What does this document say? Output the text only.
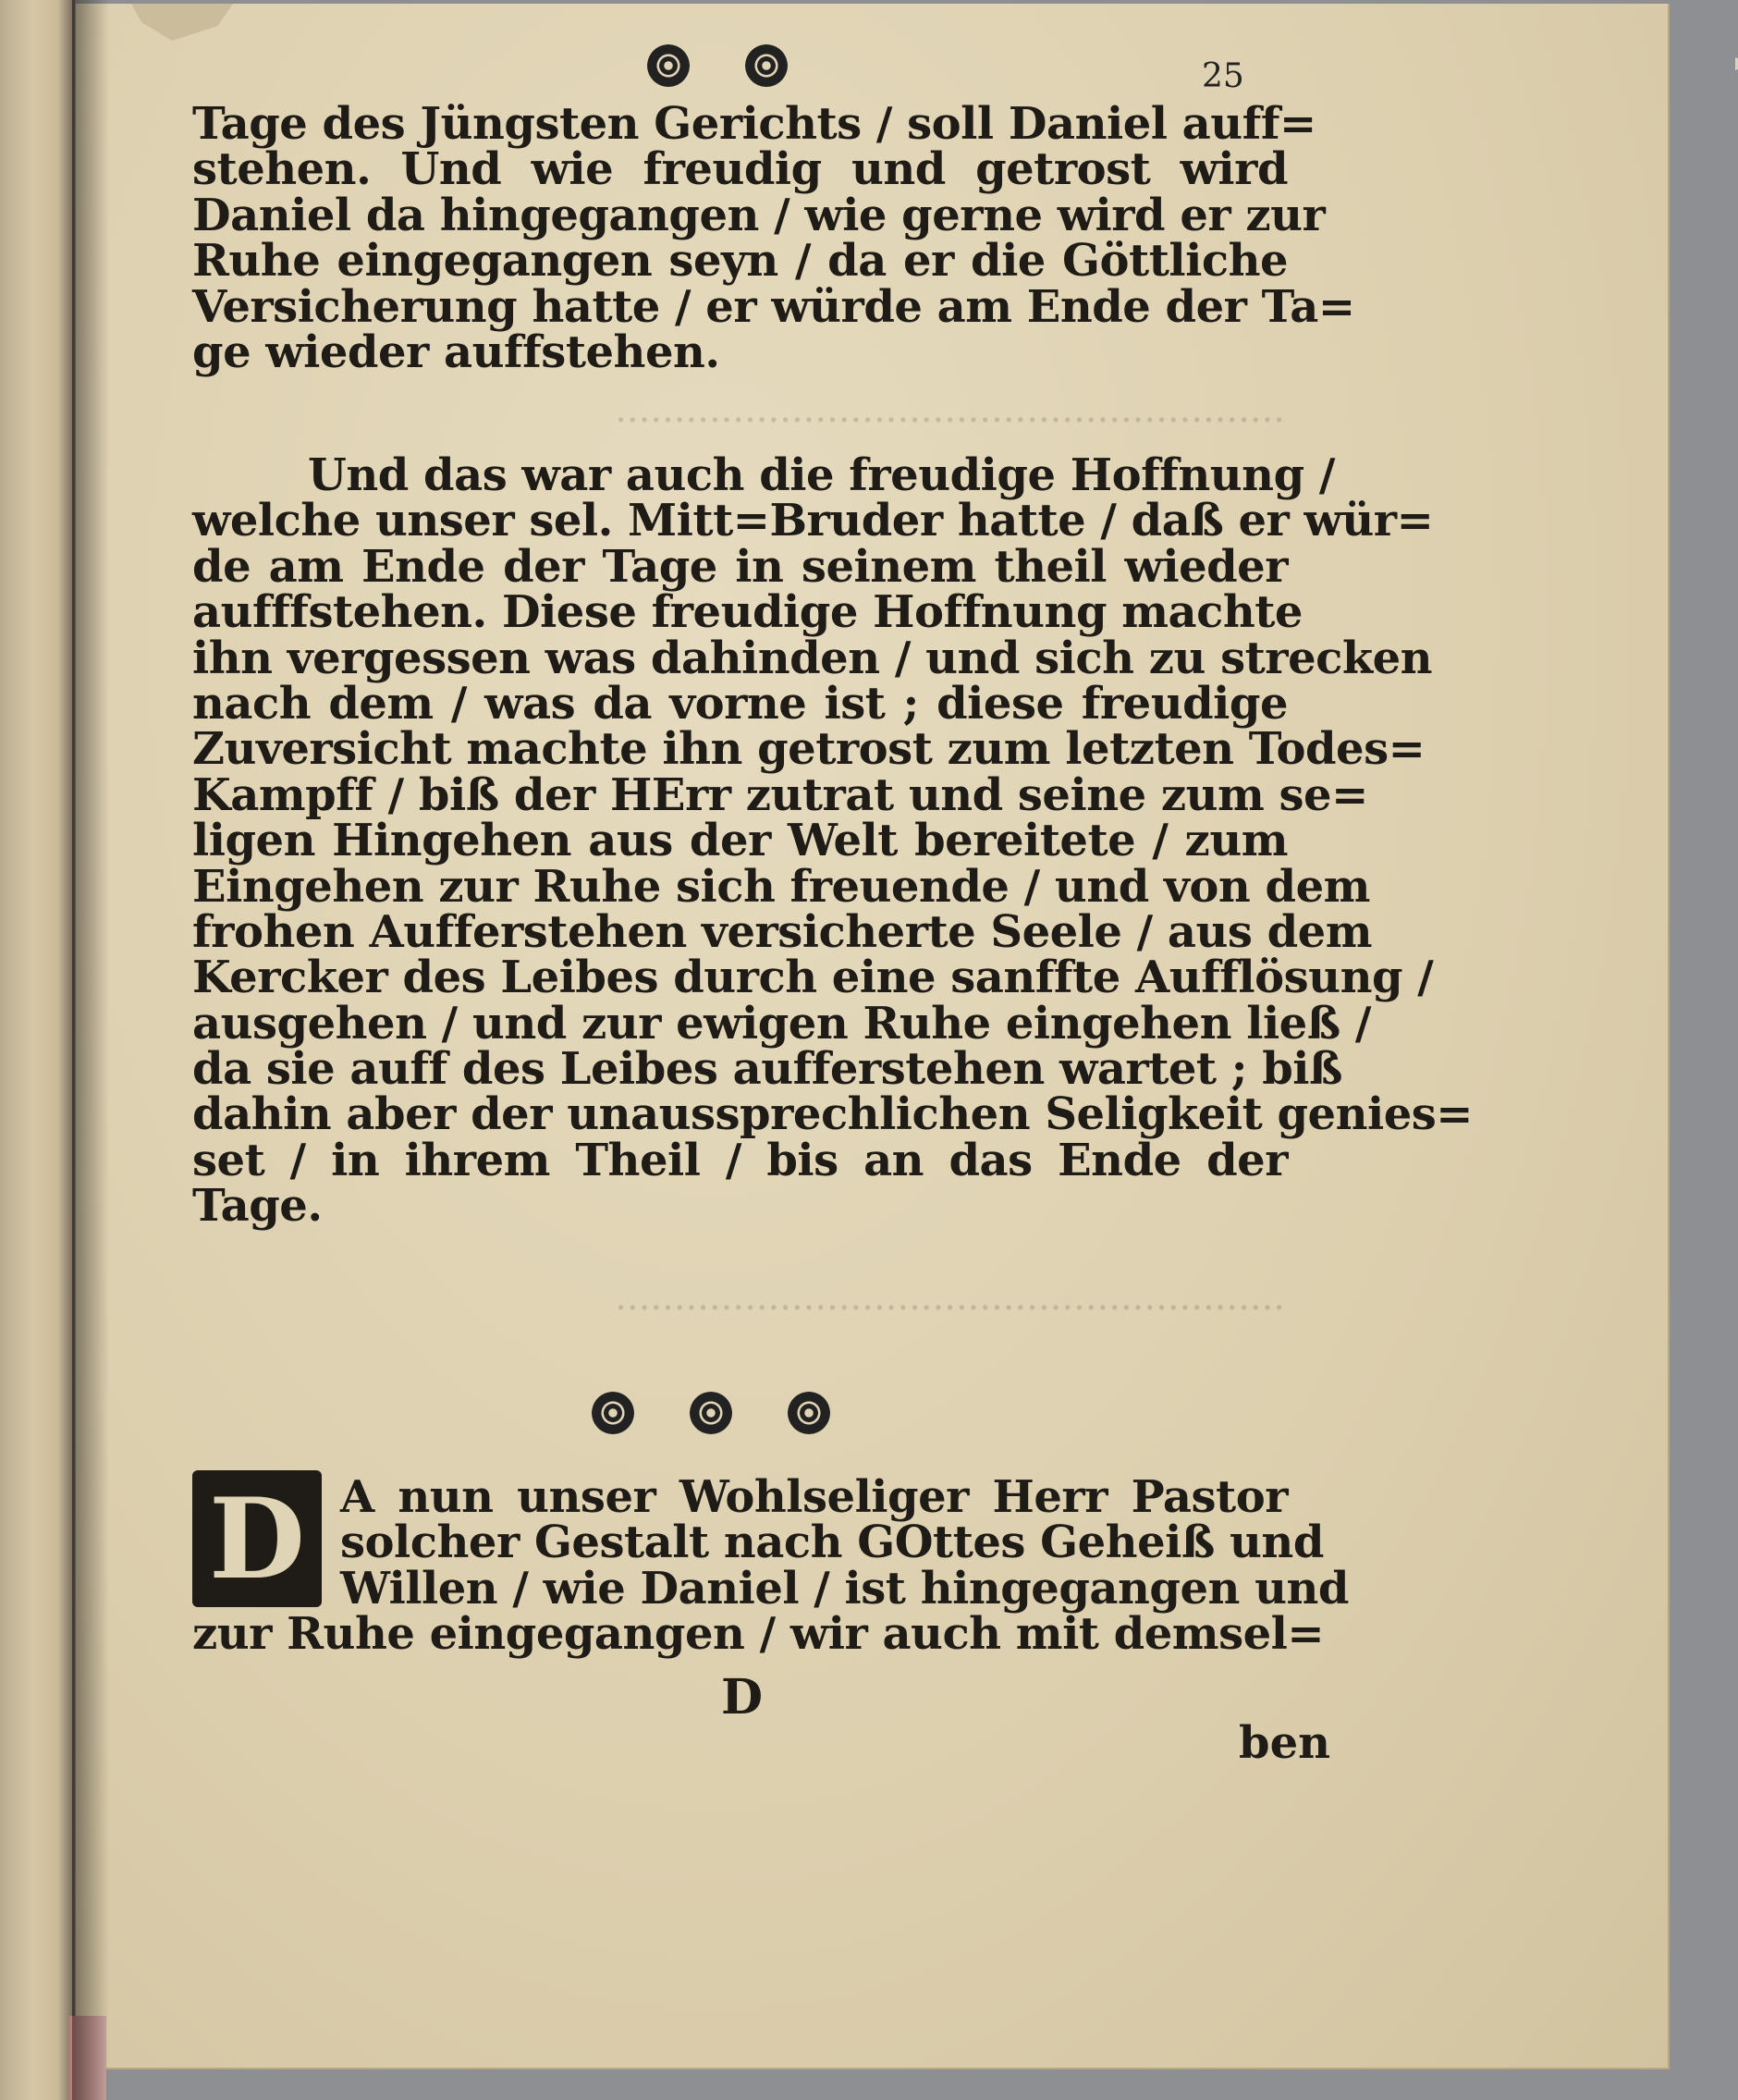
.........................................................
.........................................................
25
Tage des Jüngsten Gerichts / soll Daniel auff=
stehen. Und wie freudig und getrost wird
Daniel da hingegangen / wie gerne wird er zur
Ruhe eingegangen seyn / da er die Göttliche
Versicherung hatte / er würde am Ende der Ta=
ge wieder auffstehen.
Und das war auch die freudige Hoffnung /
welche unser sel. Mitt=Bruder hatte / daß er wür=
de am Ende der Tage in seinem theil wieder
aufffstehen. Diese freudige Hoffnung machte
ihn vergessen was dahinden / und sich zu strecken
nach dem / was da vorne ist ; diese freudige
Zuversicht machte ihn getrost zum letzten Todes=
Kampff / biß der HErr zutrat und seine zum se=
ligen Hingehen aus der Welt bereitete / zum
Eingehen zur Ruhe sich freuende / und von dem
frohen Aufferstehen versicherte Seele / aus dem
Kercker des Leibes durch eine sanffte Aufflösung /
ausgehen / und zur ewigen Ruhe eingehen ließ /
da sie auff des Leibes aufferstehen wartet ; biß
dahin aber der unaussprechlichen Seligkeit genies=
set / in ihrem Theil / bis an das Ende der
Tage.
D A nun unser Wohlseliger Herr Pastor
solcher Gestalt nach GOttes Geheiß und
Willen / wie Daniel / ist hingegangen und
zur Ruhe eingegangen / wir auch mit demsel=
D
ben
